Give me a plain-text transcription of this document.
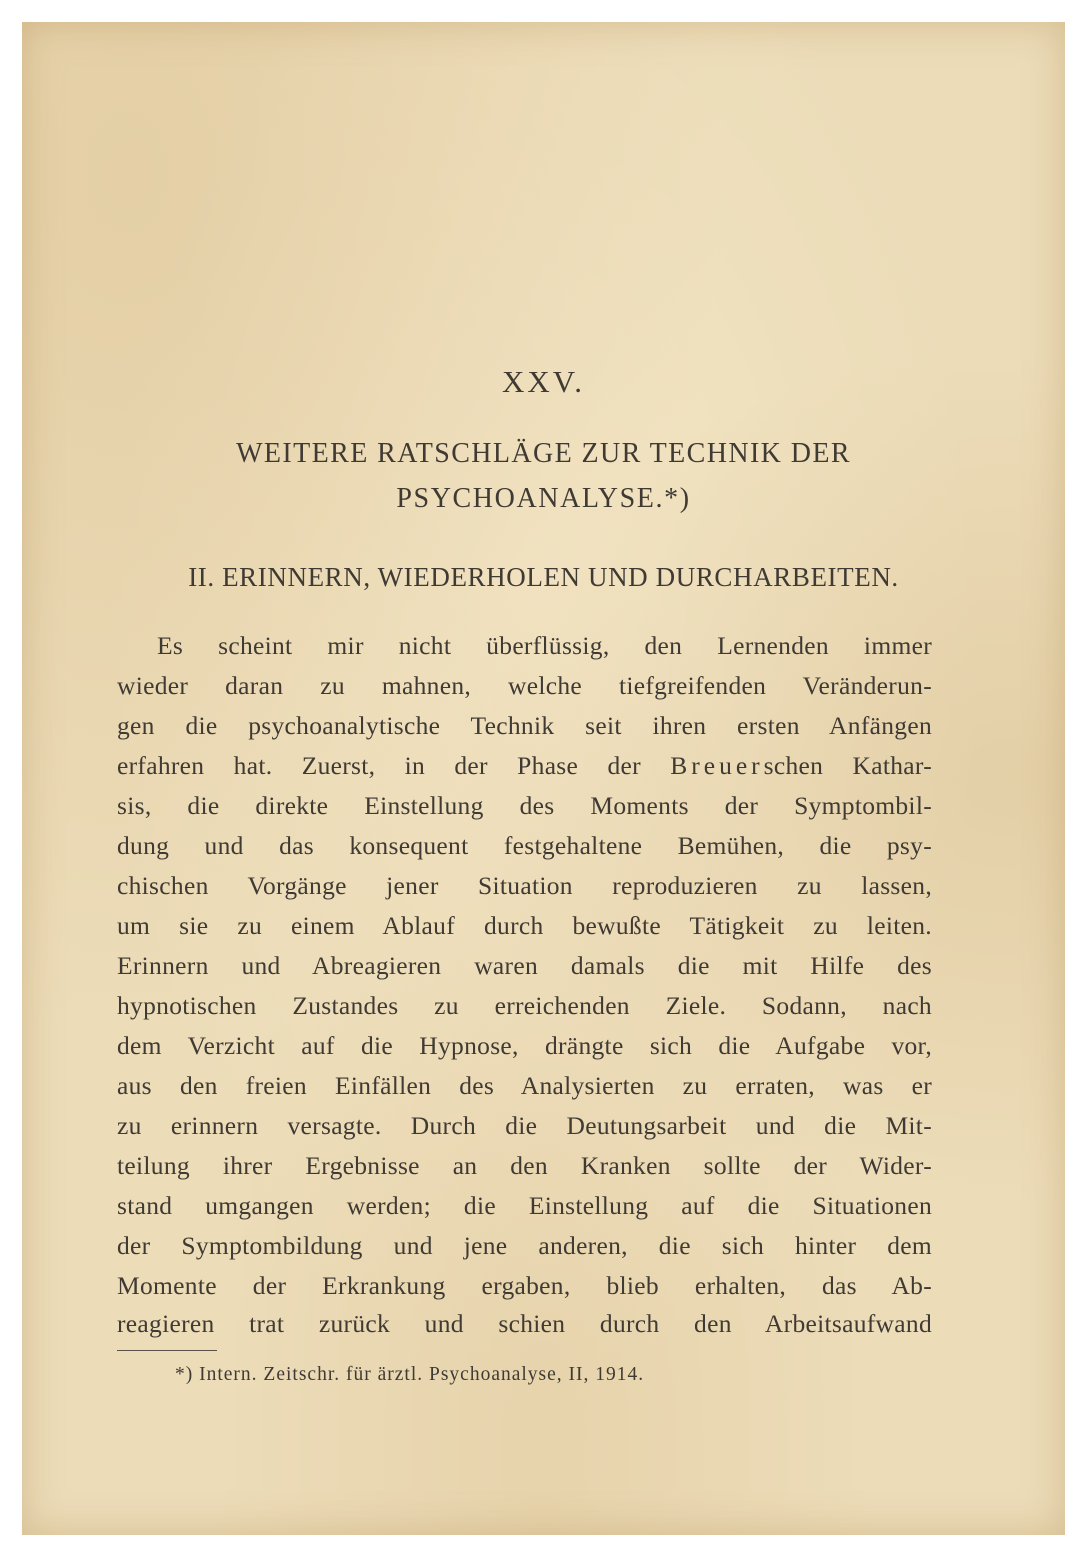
XXV.
WEITERE RATSCHLÄGE ZUR TECHNIK DER
PSYCHOANALYSE.*)
II. ERINNERN, WIEDERHOLEN UND DURCHARBEITEN.
Es scheint mir nicht überflüssig, den Lernenden immer
wieder daran zu mahnen, welche tiefgreifenden Veränderun-
gen die psychoanalytische Technik seit ihren ersten Anfängen
erfahren hat. Zuerst, in der Phase der Breuerschen Kathar-
sis, die direkte Einstellung des Moments der Symptombil-
dung und das konsequent festgehaltene Bemühen, die psy-
chischen Vorgänge jener Situation reproduzieren zu lassen,
um sie zu einem Ablauf durch bewußte Tätigkeit zu leiten.
Erinnern und Abreagieren waren damals die mit Hilfe des
hypnotischen Zustandes zu erreichenden Ziele. Sodann, nach
dem Verzicht auf die Hypnose, drängte sich die Aufgabe vor,
aus den freien Einfällen des Analysierten zu erraten, was er
zu erinnern versagte. Durch die Deutungsarbeit und die Mit-
teilung ihrer Ergebnisse an den Kranken sollte der Wider-
stand umgangen werden; die Einstellung auf die Situationen
der Symptombildung und jene anderen, die sich hinter dem
Momente der Erkrankung ergaben, blieb erhalten, das Ab-
reagieren trat zurück und schien durch den Arbeitsaufwand
*) Intern. Zeitschr. für ärztl. Psychoanalyse, II, 1914.
